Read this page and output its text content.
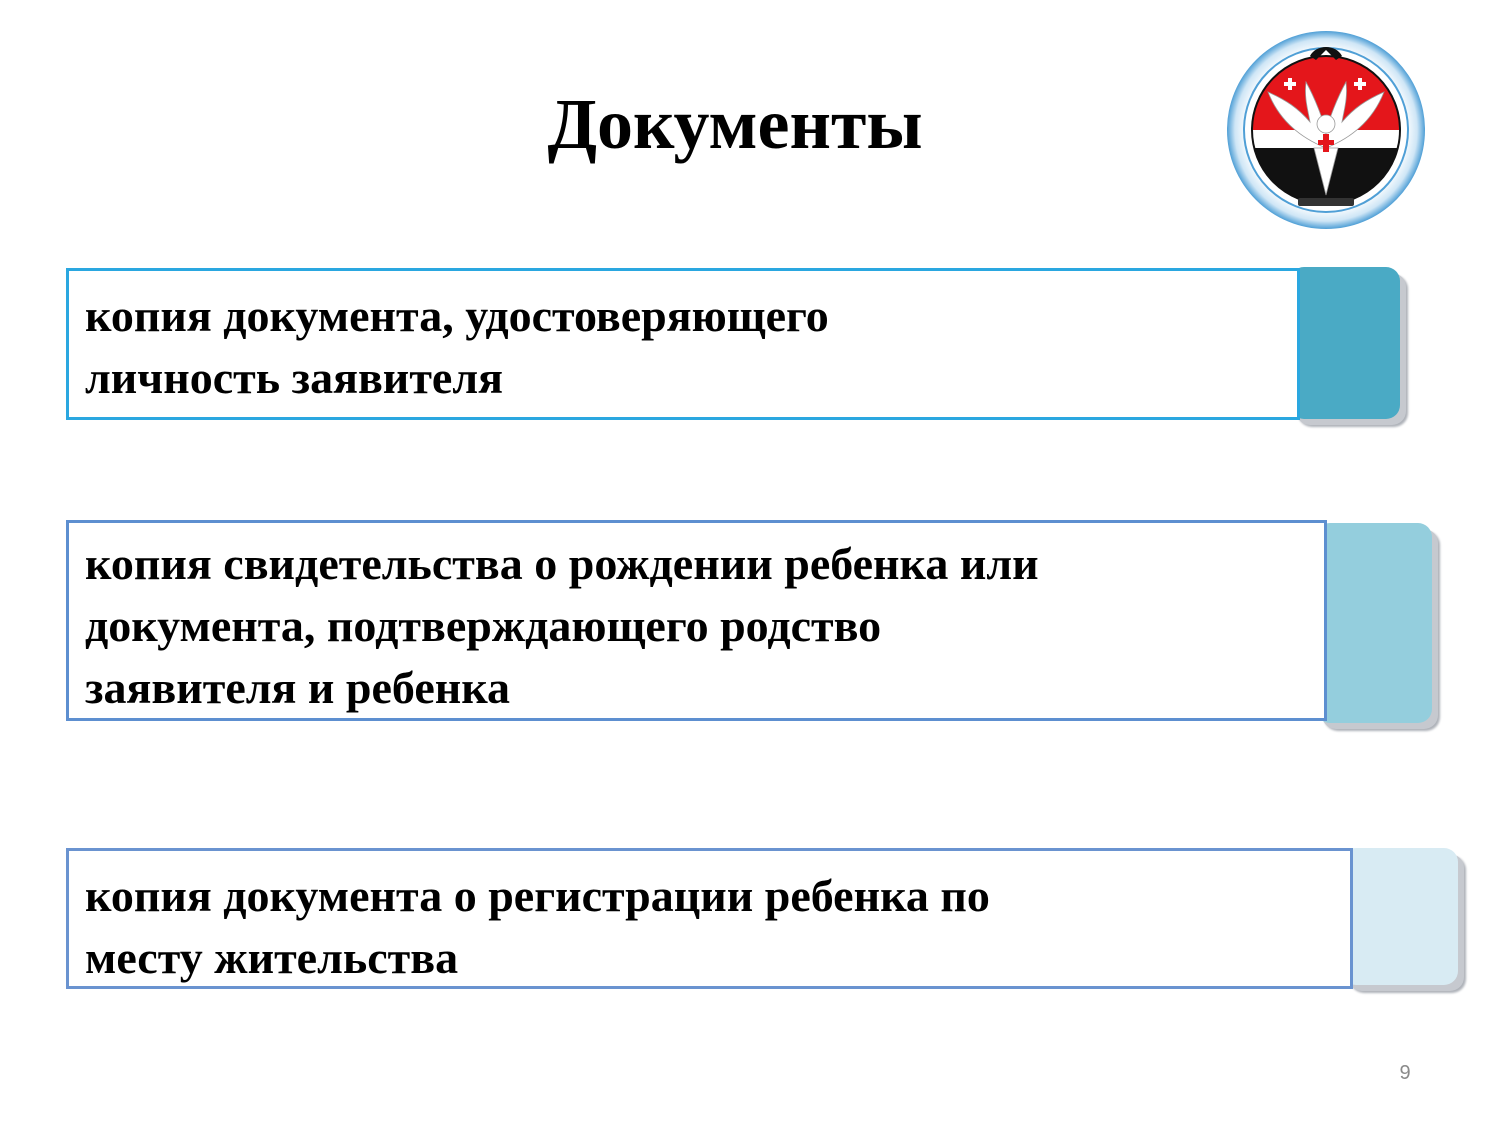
Документы
копия документа, удостоверяющего
личность заявителя
копия свидетельства о рождении ребенка или
документа, подтверждающего родство
заявителя и ребенка
копия документа о регистрации ребенка по
месту жительства
9
